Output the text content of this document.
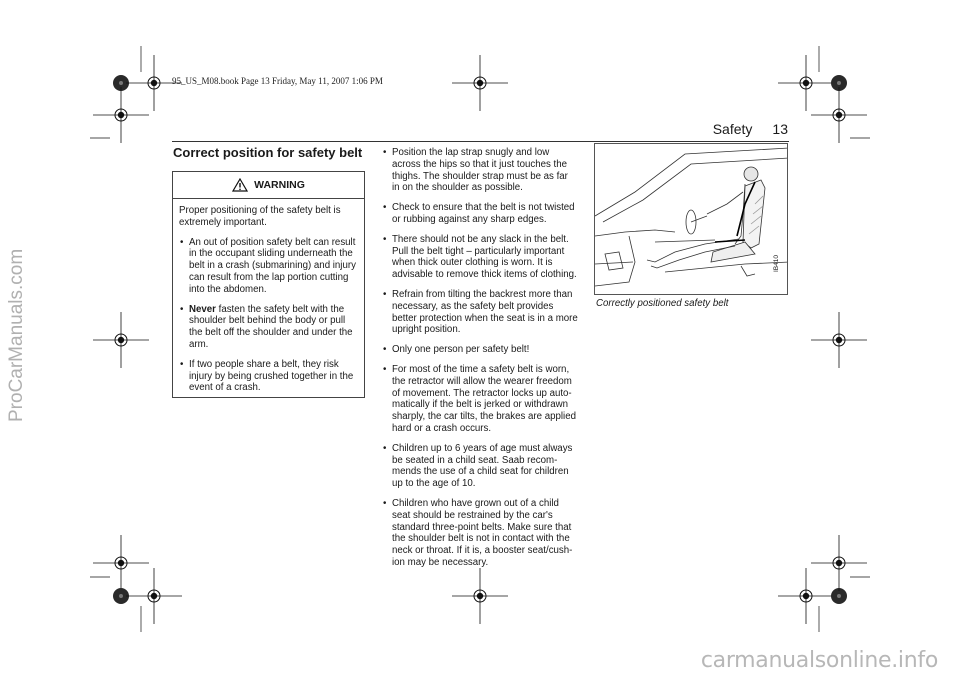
95_US_M08.book Page 13 Friday, May 11, 2007 1:06 PM
ProCarManuals.com
carmanualsonline.info
Safety 13
Correct position for safety belt
WARNING

Proper positioning of the safety belt is extremely important.

• An out of position safety belt can result in the occupant sliding underneath the belt in a crash (submarining) and injury can result from the lap portion cutting into the abdomen.
• Never fasten the safety belt with the shoulder belt behind the body or pull the belt off the shoulder and under the arm.
• If two people share a belt, they risk injury by being crushed together in the event of a crash.
• Position the lap strap snugly and low across the hips so that it just touches the thighs. The shoulder strap must be as far in on the shoulder as possible.
• Check to ensure that the belt is not twisted or rubbing against any sharp edges.
• There should not be any slack in the belt. Pull the belt tight – particularly important when thick outer clothing is worn. It is advisable to remove thick items of clothing.
• Refrain from tilting the backrest more than necessary, as the safety belt provides better protection when the seat is in a more upright position.
• Only one person per safety belt!
• For most of the time a safety belt is worn, the retractor will allow the wearer freedom of movement. The retractor locks up auto-matically if the belt is jerked or withdrawn sharply, the car tilts, the brakes are applied hard or a crash occurs.
• Children up to 6 years of age must always be seated in a child seat. Saab recom-mends the use of a child seat for children up to the age of 10.
• Children who have grown out of a child seat should be restrained by the car's standard three-point belts. Make sure that the shoulder belt is not in contact with the neck or throat. If it is, a booster seat/cush-ion may be necessary.
IB410
Correctly positioned safety belt
